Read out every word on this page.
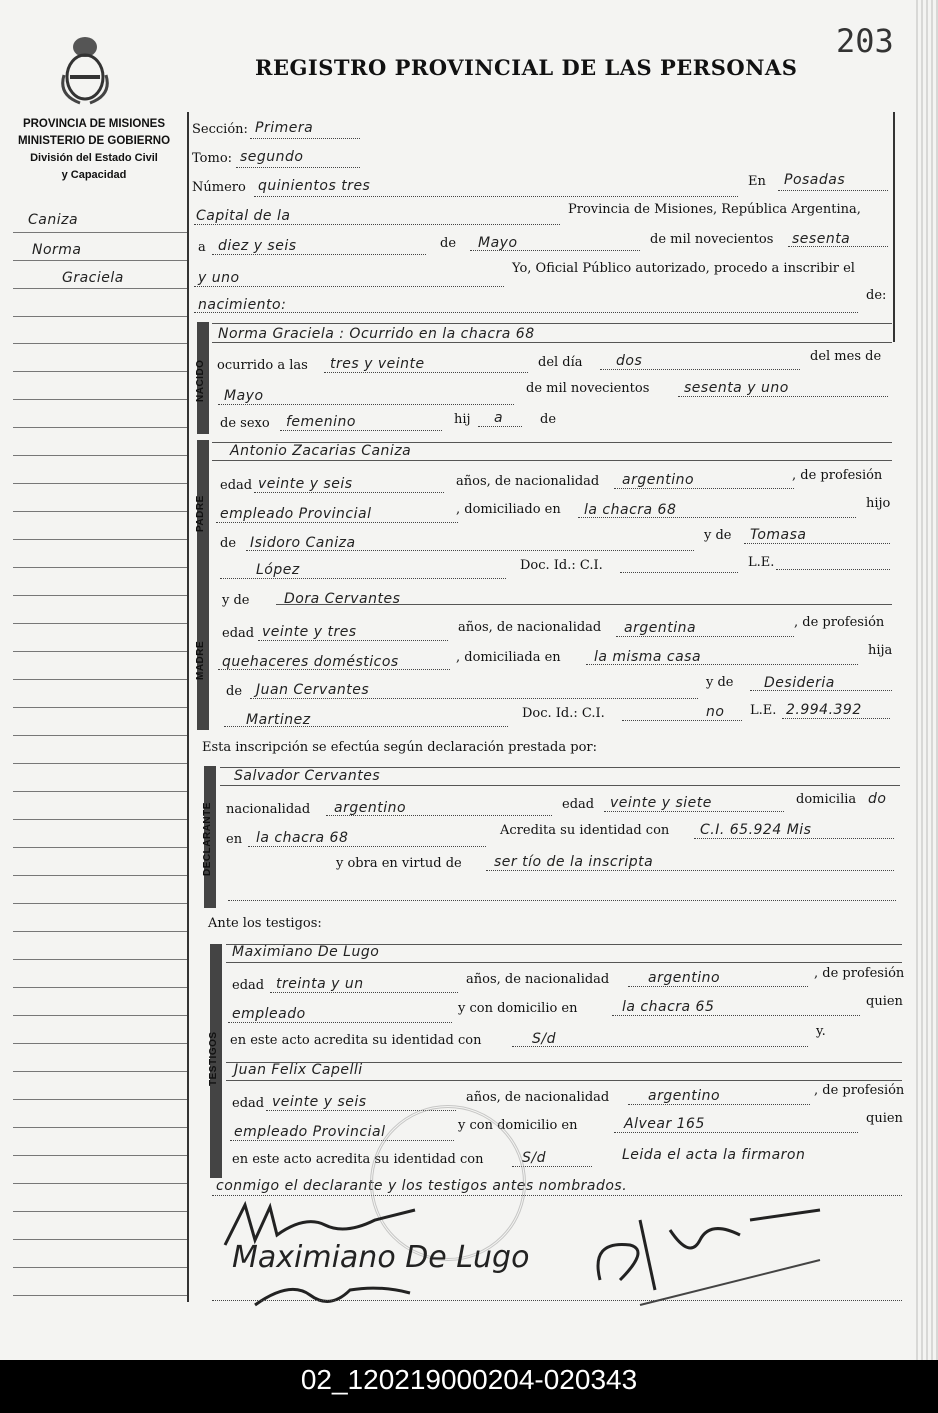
203
REGISTRO PROVINCIAL DE LAS PERSONAS
PROVINCIA DE MISIONES
MINISTERIO DE GOBIERNO
División del Estado Civil
y Capacidad
Caniza
Norma
Graciela
Sección: Primera
Tomo: segundo
Número quinientos tres	En Posadas
Capital de la	Provincia de Misiones, República Argentina,
a diez y seis	de Mayo	de mil novecientos sesenta
y uno
Yo, Oficial Público autorizado, procedo a inscribir el
nacimiento:
de:
NACIDO
Norma Graciela : Ocurrido en la chacra 68
ocurrido a las tres y veinte	del día dos	del mes de
Mayo	de mil novecientos sesenta y uno
de sexo femenino	hij a	de
PADRE
Antonio Zacarias Caniza
edad veinte y seis	años, de nacionalidad argentino	, de profesión
empleado Provincial	, domiciliado en la chacra 68	hijo
de Isidoro Caniza	y de Tomasa
López	Doc. Id.: C.I.	L.E.
MADRE
y de Dora Cervantes
edad veinte y tres	años, de nacionalidad argentina	, de profesión
quehaceres domésticos	, domiciliada en la misma casa	hija
de Juan Cervantes	y de Desideria
Martinez	Doc. Id.: C.I.	no L.E. 2.994.392
Esta inscripción se efectúa según declaración prestada por:
DECLARANTE
Salvador Cervantes
nacionalidad argentino	edad veinte y siete	domicilia do
en la chacra 68	Acredita su identidad con C.I. 65.924 Mis
y obra en virtud de ser tío de la inscripta
Ante los testigos:
TESTIGOS
Maximiano De Lugo
edad treinta y un	años, de nacionalidad	argentino	, de profesión
empleado	y con domicilio en	la chacra 65	quien
en este acto acredita su identidad con	S/d	y.
Juan Felix Capelli
edad veinte y seis	años, de nacionalidad	argentino	, de profesión
empleado Provincial	y con domicilio en	Alvear 165	quien
en este acto acredita su identidad con	S/d	Leida el acta la firmaron
conmigo el declarante y los testigos antes nombrados.
Maximiano De Lugo
02_120219000204-020343
